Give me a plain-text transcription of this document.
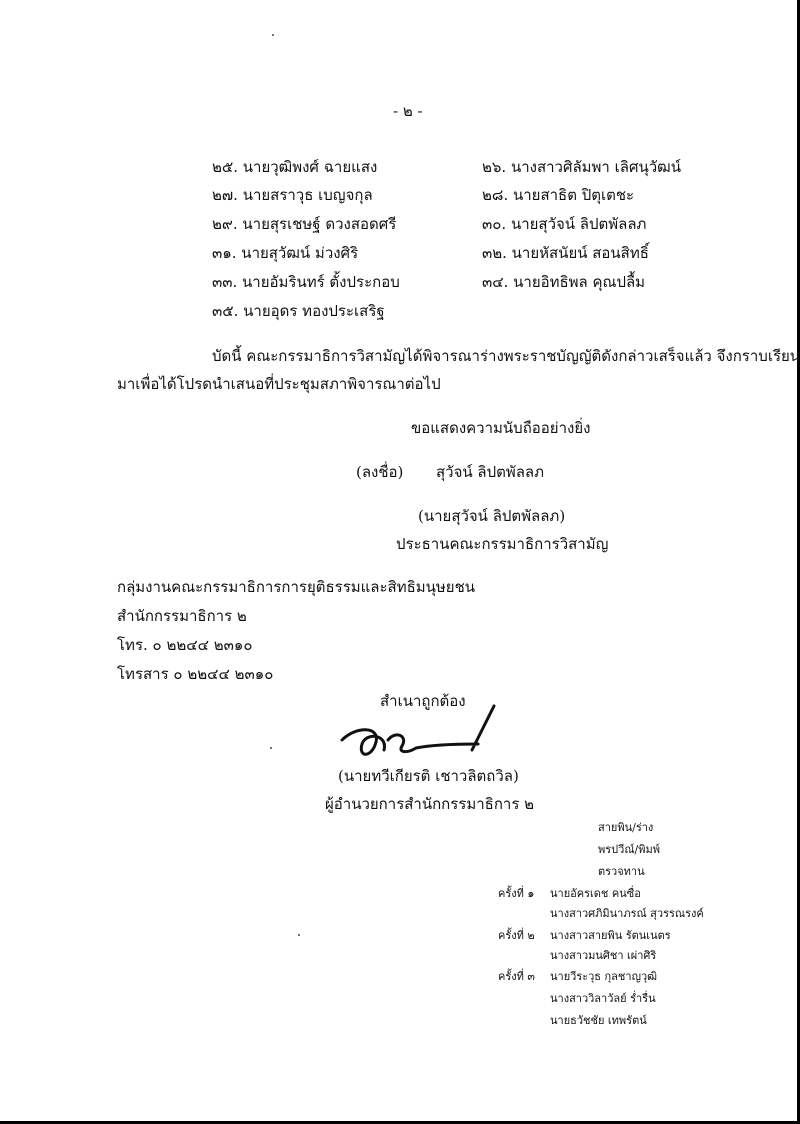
- ๒ -
๒๕. นายวุฒิพงศ์ ฉายแสง
๒๗. นายสราวุธ เบญจกุล
๒๙. นายสุรเชษฐ์ ดวงสอดศรี
๓๑. นายสุวัฒน์ ม่วงศิริ
๓๓. นายอัมรินทร์ ตั้งประกอบ
๓๕. นายอุดร ทองประเสริฐ
๒๖. นางสาวศิลัมพา เลิศนุวัฒน์
๒๘. นายสาธิต ปิตุเตชะ
๓๐. นายสุวัจน์ ลิปตพัลลภ
๓๒. นายหัสนัยน์ สอนสิทธิ์
๓๔. นายอิทธิพล คุณปลื้ม
บัดนี้ คณะกรรมาธิการวิสามัญได้พิจารณาร่างพระราชบัญญัติดังกล่าวเสร็จแล้ว จึงกราบเรียน
มาเพื่อได้โปรดนำเสนอที่ประชุมสภาพิจารณาต่อไป
ขอแสดงความนับถืออย่างยิ่ง
(ลงชื่อ) สุวัจน์ ลิปตพัลลภ
(นายสุวัจน์ ลิปตพัลลภ)
ประธานคณะกรรมาธิการวิสามัญ
กลุ่มงานคณะกรรมาธิการการยุติธรรมและสิทธิมนุษยชน
สำนักกรรมาธิการ ๒
โทร. ๐ ๒๒๔๔ ๒๓๑๐
โทรสาร ๐ ๒๒๔๔ ๒๓๑๐
สำเนาถูกต้อง
(นายทวีเกียรติ เชาวลิตถวิล)
ผู้อำนวยการสำนักกรรมาธิการ ๒
สายพิน/ร่าง
พรปวีณ์/พิมพ์
ตรวจทาน
ครั้งที่ ๑ นายอัครเดช คนซื่อ
นางสาวศภิมินาภรณ์ สุวรรณรงค์
ครั้งที่ ๒ นางสาวสายพิน รัตนเนตร
นางสาวมนศิชา เผ่าศิริ
ครั้งที่ ๓ นายวีระวุธ กุลชาญวุฒิ
นางสาววิลาวัลย์ ร่ำรื่น
นายธวัชชัย เทพรัตน์
